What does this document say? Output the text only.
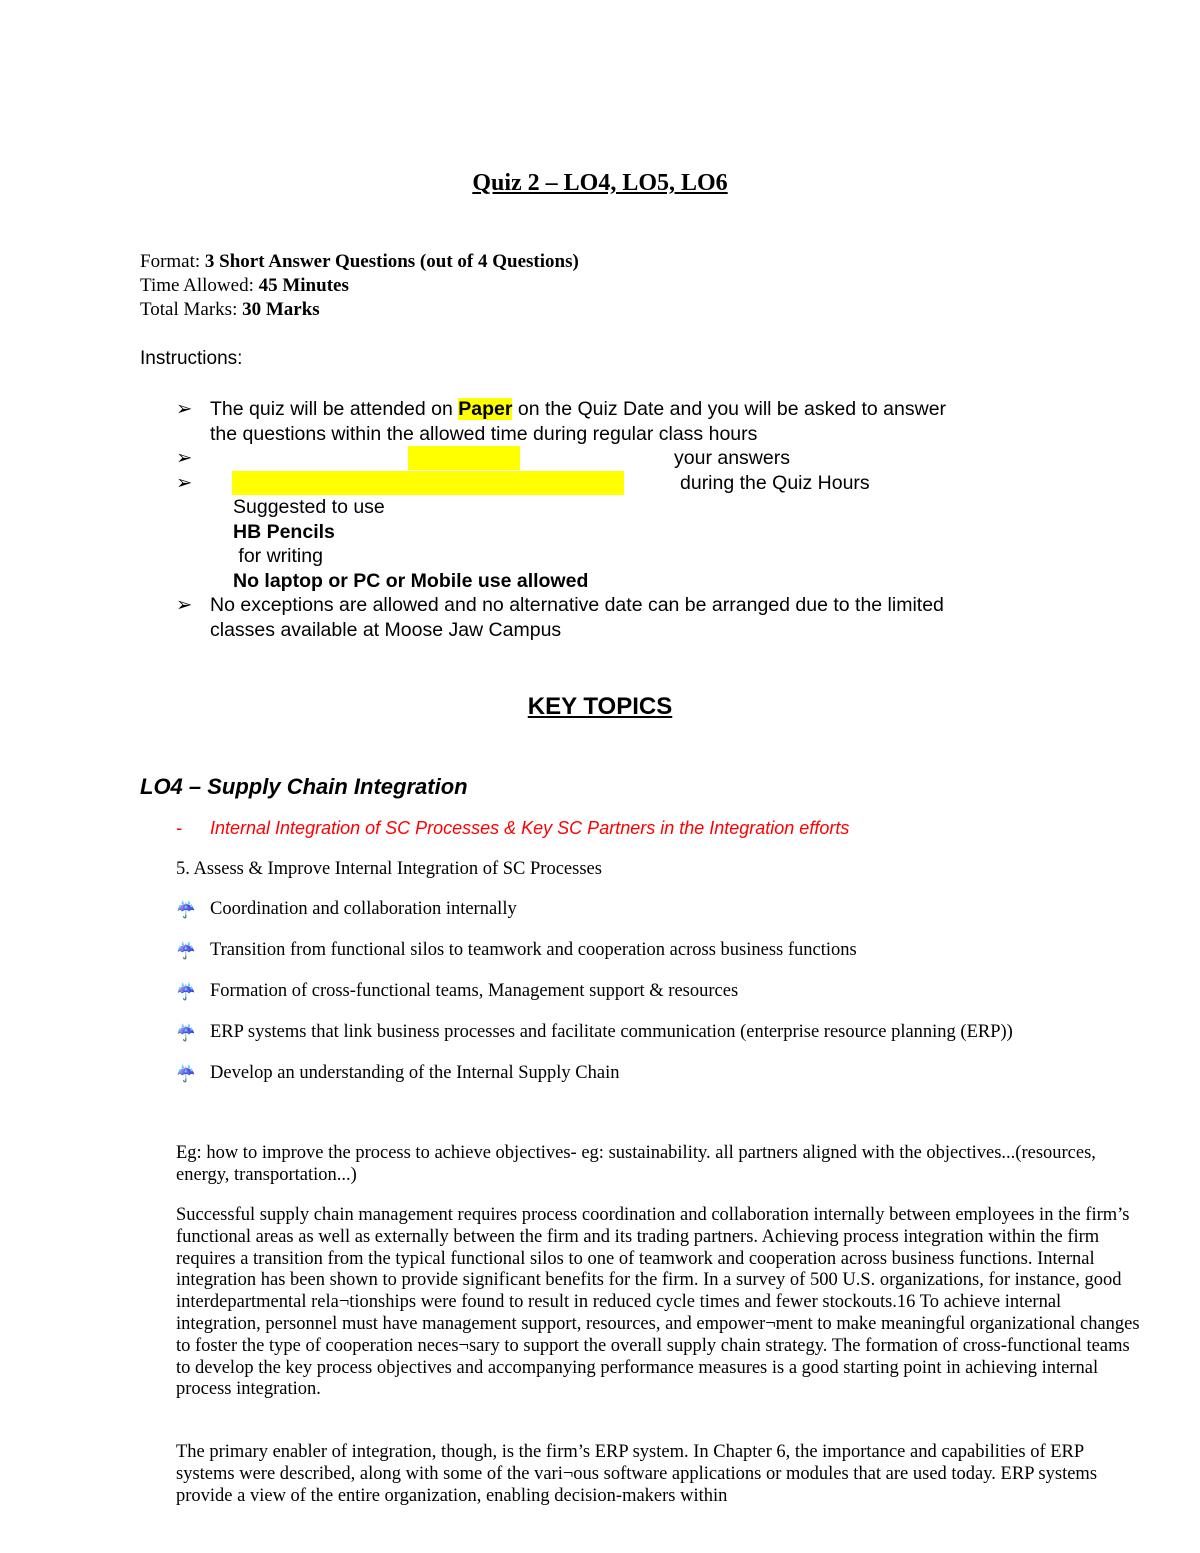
Quiz 2 – LO4, LO5, LO6
Format: 3 Short Answer Questions (out of 4 Questions)
Time Allowed: 45 Minutes
Total Marks: 30 Marks
Instructions:
➢ The quiz will be attended on Paper on the Quiz Date and you will be asked to answer
the questions within the allowed time during regular class hours
➢	your answers
➢	during the Quiz Hours
Suggested to use
HB Pencils
for writing
No laptop or PC or Mobile use allowed
➢ No exceptions are allowed and no alternative date can be arranged due to the limited
classes available at Moose Jaw Campus
KEY TOPICS
LO4 – Supply Chain Integration
- Internal Integration of SC Processes & Key SC Partners in the Integration efforts
5. Assess & Improve Internal Integration of SC Processes
☔ Coordination and collaboration internally
☔ Transition from functional silos to teamwork and cooperation across business functions
☔ Formation of cross-functional teams, Management support & resources
☔ ERP systems that link business processes and facilitate communication (enterprise resource planning (ERP))
☔ Develop an understanding of the Internal Supply Chain
Eg: how to improve the process to achieve objectives- eg: sustainability. all partners aligned with the objectives...(resources, energy, transportation...)
Successful supply chain management requires process coordination and collaboration internally between employees in the firm’s functional areas as well as externally between the firm and its trading partners. Achieving process integration within the firm requires a transition from the typical functional silos to one of teamwork and cooperation across business functions. Internal integration has been shown to provide significant benefits for the firm. In a survey of 500 U.S. organizations, for instance, good interdepartmental rela¬tionships were found to result in reduced cycle times and fewer stockouts.16 To achieve internal integration, personnel must have management support, resources, and empower¬ment to make meaningful organizational changes to foster the type of cooperation neces¬sary to support the overall supply chain strategy. The formation of cross-functional teams to develop the key process objectives and accompanying performance measures is a good starting point in achieving internal process integration.
The primary enabler of integration, though, is the firm’s ERP system. In Chapter 6, the importance and capabilities of ERP systems were described, along with some of the vari¬ous software applications or modules that are used today. ERP systems provide a view of the entire organization, enabling decision-makers within
